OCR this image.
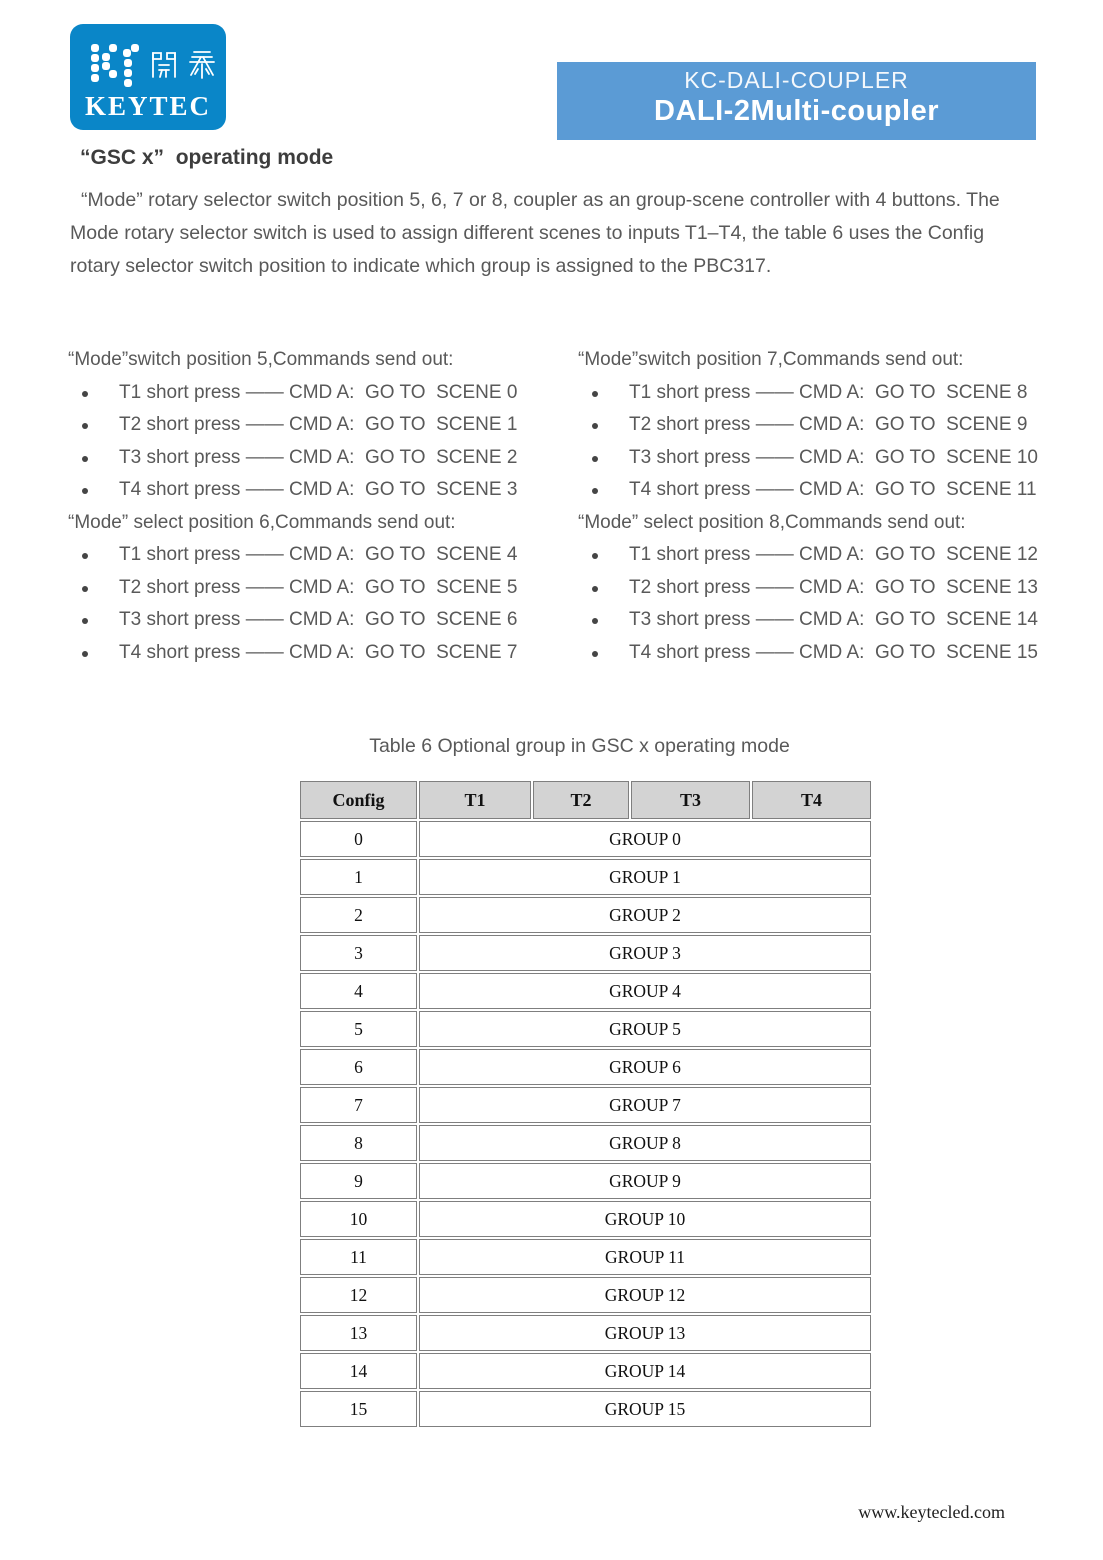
KEYTEC
KC-DALI-COUPLER
DALI-2Multi-coupler
“GSC x”  operating mode
“Mode” rotary selector switch position 5, 6, 7 or 8, coupler as an group-scene controller with 4 buttons. The Mode rotary selector switch is used to assign different scenes to inputs T1–T4, the table 6 uses the Config rotary selector switch position to indicate which group is assigned to the PBC317.
“Mode”switch position 5,Commands send out:
T1 short press —— CMD A:  GO TO  SCENE 0
T2 short press —— CMD A:  GO TO  SCENE 1
T3 short press —— CMD A:  GO TO  SCENE 2
T4 short press —— CMD A:  GO TO  SCENE 3
“Mode” select position 6,Commands send out:
T1 short press —— CMD A:  GO TO  SCENE 4
T2 short press —— CMD A:  GO TO  SCENE 5
T3 short press —— CMD A:  GO TO  SCENE 6
T4 short press —— CMD A:  GO TO  SCENE 7
“Mode”switch position 7,Commands send out:
T1 short press —— CMD A:  GO TO  SCENE 8
T2 short press —— CMD A:  GO TO  SCENE 9
T3 short press —— CMD A:  GO TO  SCENE 10
T4 short press —— CMD A:  GO TO  SCENE 11
“Mode” select position 8,Commands send out:
T1 short press —— CMD A:  GO TO  SCENE 12
T2 short press —— CMD A:  GO TO  SCENE 13
T3 short press —— CMD A:  GO TO  SCENE 14
T4 short press —— CMD A:  GO TO  SCENE 15
Table 6 Optional group in GSC x operating mode
Config	T1	T2	T3	T4
0	GROUP 0			
1	GROUP 1			
2	GROUP 2			
3	GROUP 3			
4	GROUP 4			
5	GROUP 5			
6	GROUP 6			
7	GROUP 7			
8	GROUP 8			
9	GROUP 9			
10	GROUP 10			
11	GROUP 11			
12	GROUP 12			
13	GROUP 13			
14	GROUP 14			
15	GROUP 15			
www.keytecled.com
